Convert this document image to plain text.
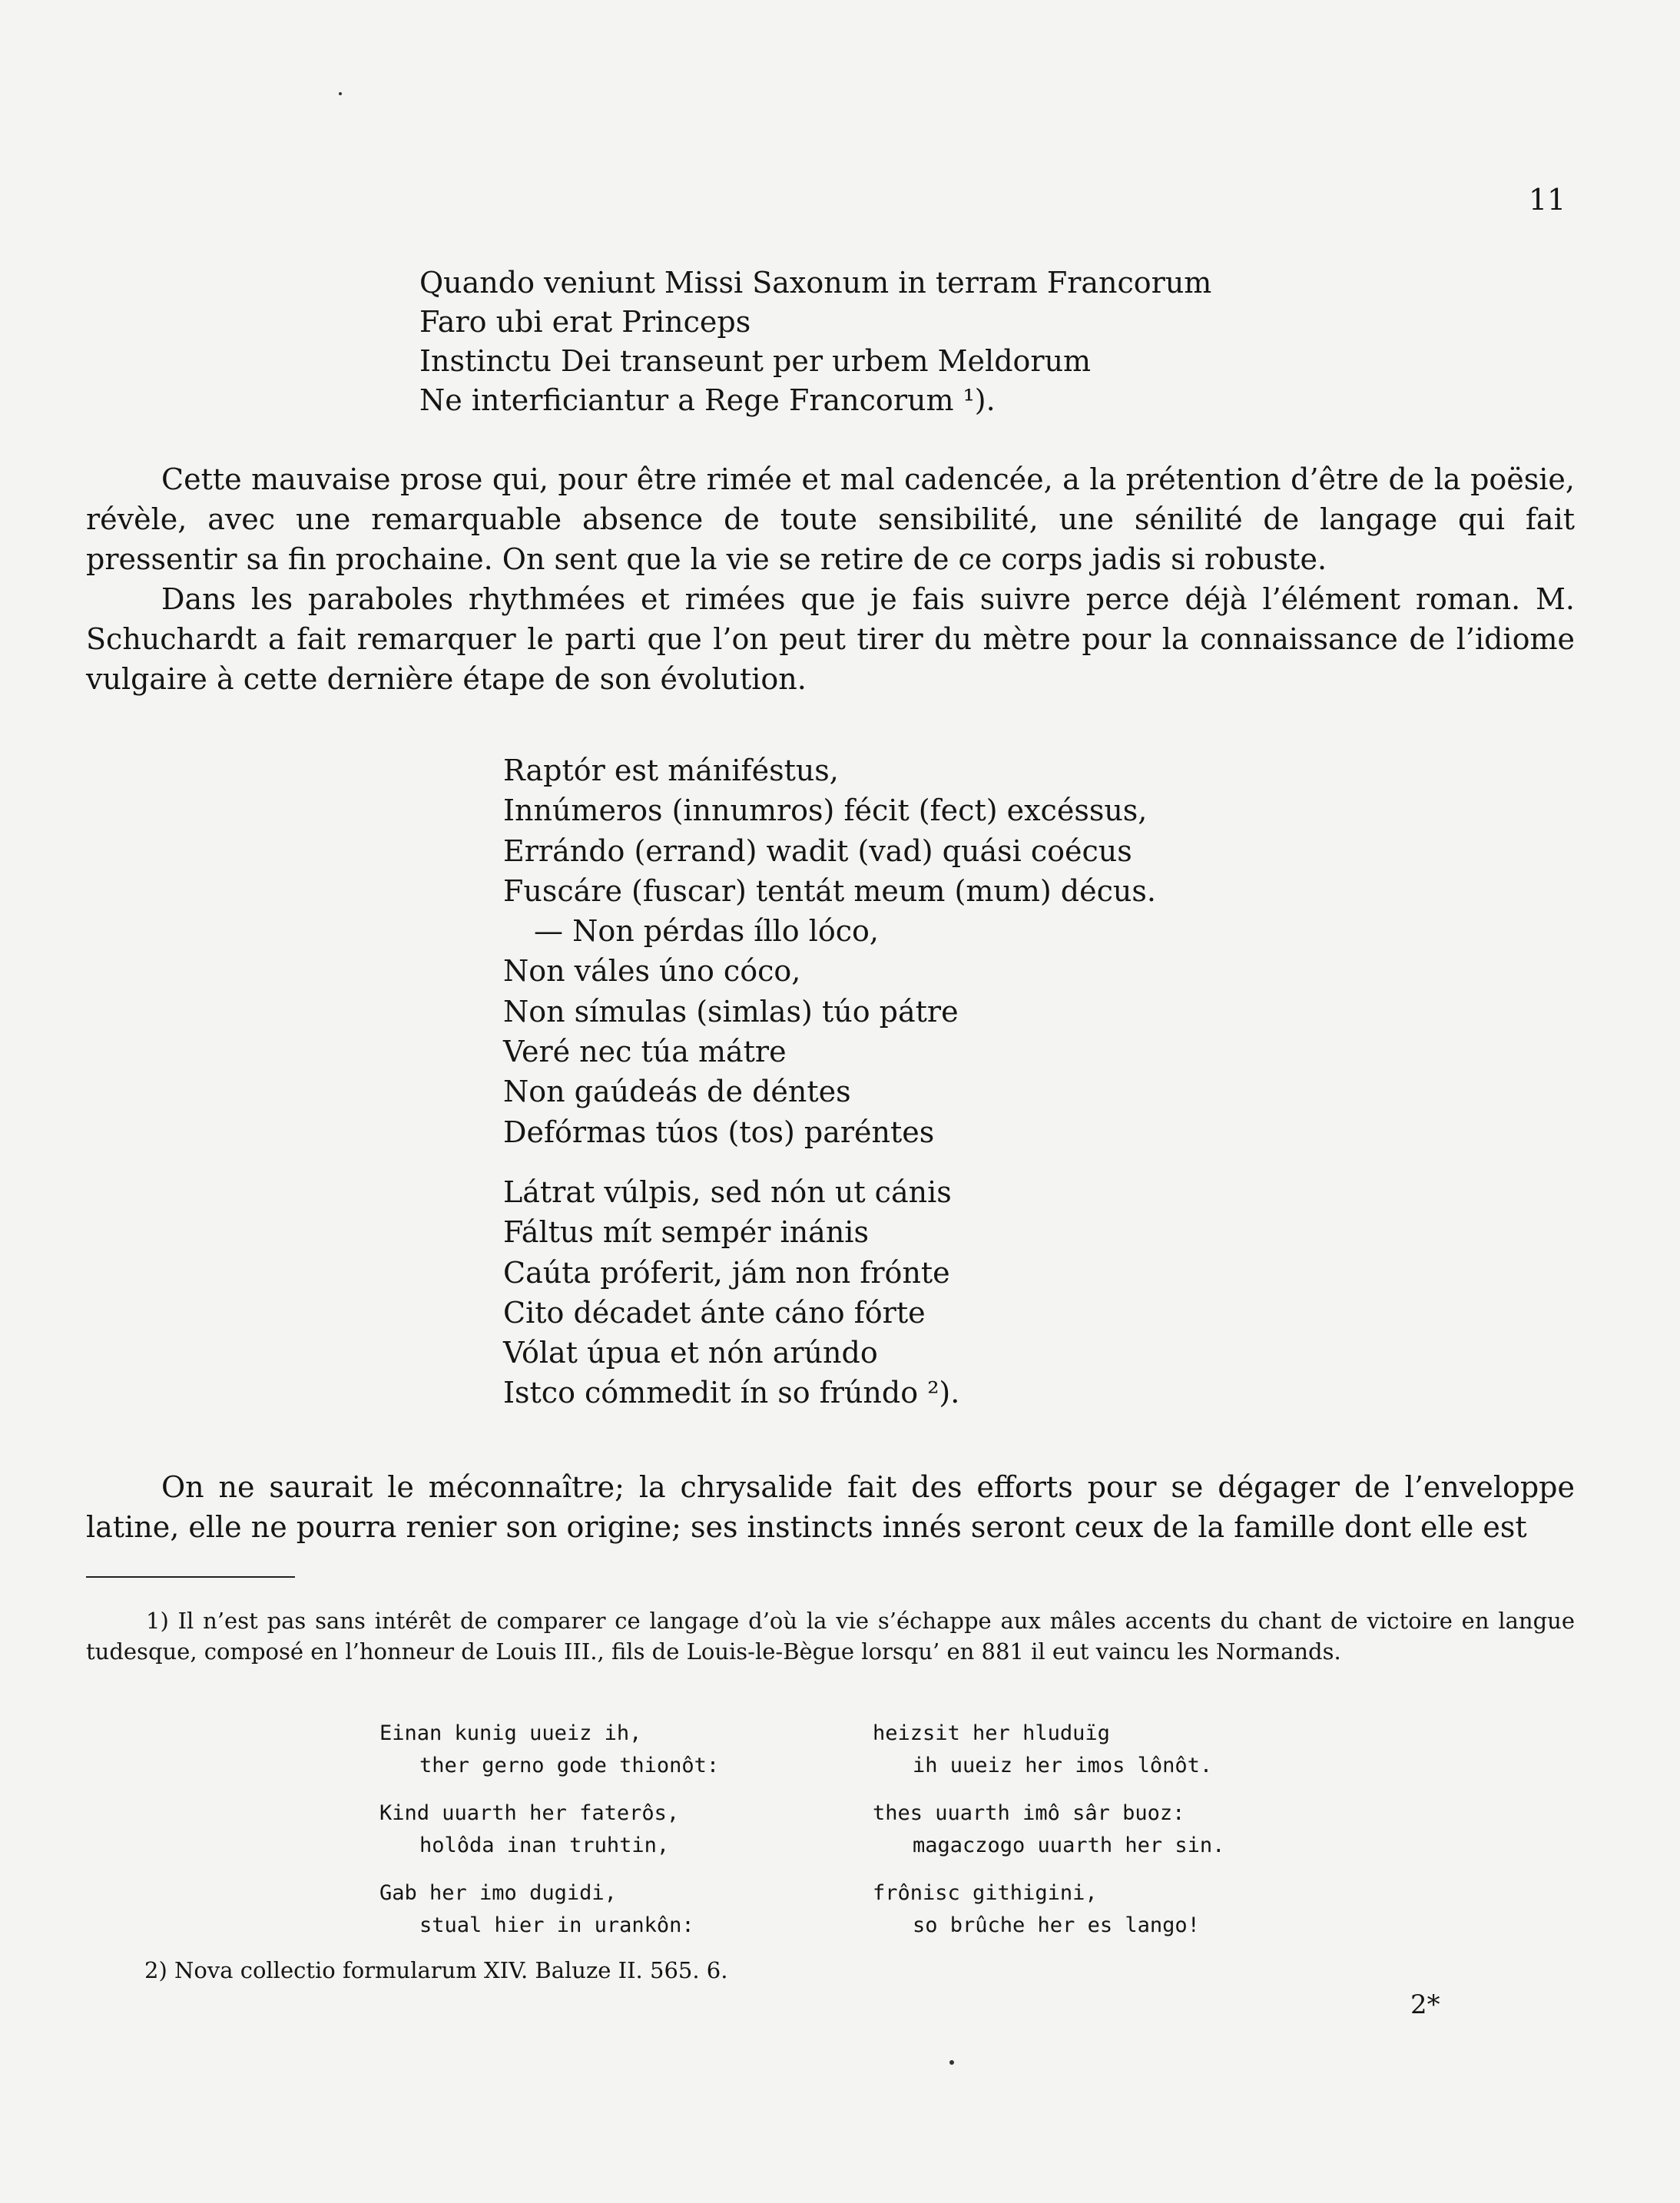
11
Quando veniunt Missi Saxonum in terram Francorum
Faro ubi erat Princeps
Instinctu Dei transeunt per urbem Meldorum
Ne interficiantur a Rege Francorum ¹).

Cette mauvaise prose qui, pour être rimée et mal cadencée, a la prétention d’être de la poësie, révèle, avec une remarquable absence de toute sensibilité, une sénilité de langage qui fait pressentir sa fin prochaine. On sent que la vie se retire de ce corps jadis si robuste.

Dans les paraboles rhythmées et rimées que je fais suivre perce déjà l’élément roman. M. Schuchardt a fait remarquer le parti que l’on peut tirer du mètre pour la connaissance de l’idiome vulgaire à cette dernière étape de son évolution.

Raptór est mániféstus,
Innúmeros (innumros) fécit (fect) excéssus,
Errándo (errand) wadit (vad) quási coécus
Fuscáre (fuscar) tentát meum (mum) décus.
— Non pérdas íllo lóco,
Non váles úno cóco,
Non símulas (simlas) túo pátre
Veré nec túa mátre
Non gaúdeás de déntes
Defórmas túos (tos) paréntes
Látrat vúlpis, sed nón ut cánis
Fáltus mít sempér inánis
Caúta próferit, jám non frónte
Cito décadet ánte cáno fórte
Vólat úpua et nón arúndo
Istco cómmedit ín so frúndo ²).

On ne saurait le méconnaître; la chrysalide fait des efforts pour se dégager de l’enveloppe latine, elle ne pourra renier son origine; ses instincts innés seront ceux de la famille dont elle est

1) Il n’est pas sans intérêt de comparer ce langage d’où la vie s’échappe aux mâles accents du chant de victoire en langue tudesque, composé en l’honneur de Louis III., fils de Louis-le-Bègue lorsqu’ en 881 il eut vaincu les Normands.
Einan kunig uueiz ih,
ther gerno gode thionôt:
Kind uuarth her faterôs,
holôda inan truhtin,
Gab her imo dugidi,
stual hier in urankôn:
heizsit her hluduïg
ih uueiz her imos lônôt.
thes uuarth imô sâr buoz:
magaczogo uuarth her sin.
frônisc githigini,
so brûche her es lango!
2) Nova collectio formularum XIV. Baluze II. 565. 6.
2*
